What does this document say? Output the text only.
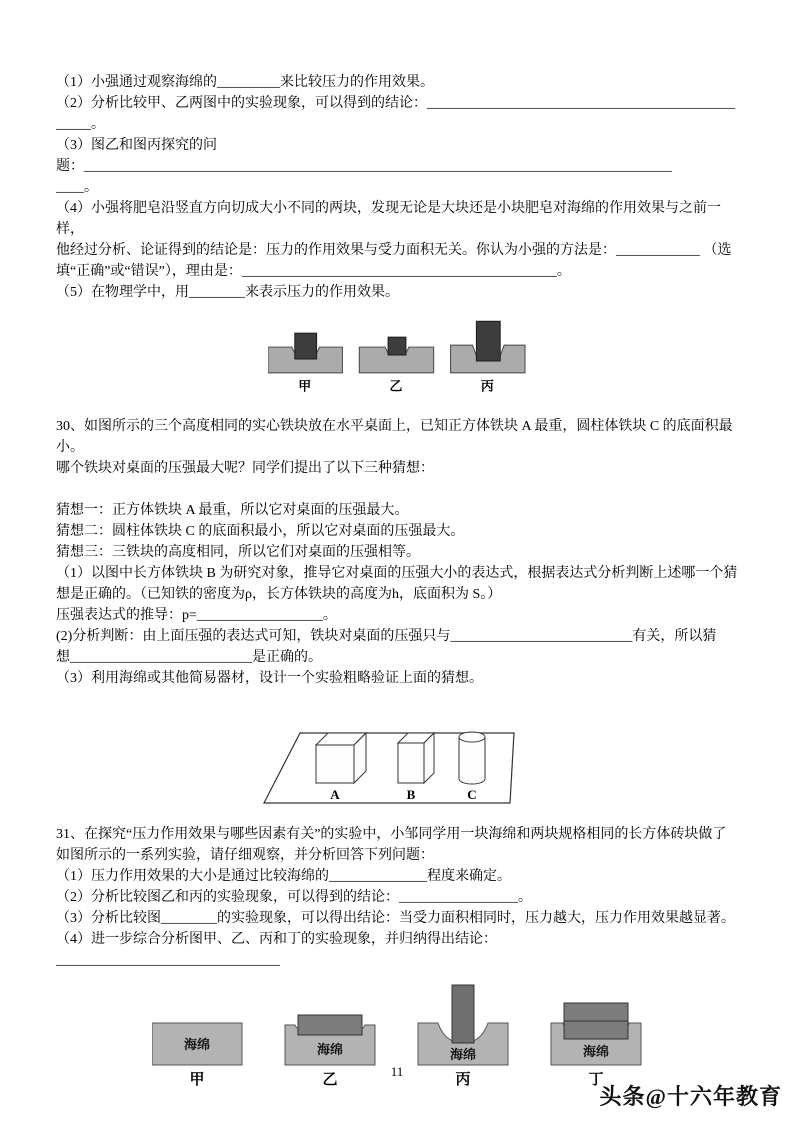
（1）小强通过观察海绵的_________来比较压力的作用效果。

（2）分析比较甲、乙两图中的实验现象，可以得到的结论：_________________________________________________。

（3）图乙和图丙探究的问

题：____________________________________________________________________________________

____。

（4）小强将肥皂沿竖直方向切成大小不同的两块，发现无论是大块还是小块肥皂对海绵的作用效果与之前一样，

他经过分析、论证得到的结论是：压力的作用效果与受力面积无关。你认为小强的方法是：____________ （选

填“正确”或“错误”），理由是：_____________________________________________。

（5）在物理学中，用________来表示压力的作用效果。

甲	乙	丙

30、如图所示的三个高度相同的实心铁块放在水平桌面上，已知正方体铁块 A 最重，圆柱体铁块 C 的底面积最小。

哪个铁块对桌面的压强最大呢？同学们提出了以下三种猜想：

猜想一：正方体铁块 A 最重，所以它对桌面的压强最大。

猜想二：圆柱体铁块 C 的底面积最小，所以它对桌面的压强最大。

猜想三：三铁块的高度相同，所以它们对桌面的压强相等。

（1）以图中长方体铁块 B 为研究对象，推导它对桌面的压强大小的表达式，根据表达式分析判断上述哪一个猜

想是正确的。（已知铁的密度为ρ，长方体铁块的高度为h，底面积为 S。）

压强表达式的推导：p=__________________。

(2)分析判断：由上面压强的表达式可知，铁块对桌面的压强只与__________________________有关，所以猜

想__________________________是正确的。

（3）利用海绵或其他简易器材，设计一个实验粗略验证上面的猜想。

A	B	C

31、在探究“压力作用效果与哪些因素有关”的实验中，小邹同学用一块海绵和两块规格相同的长方体砖块做了

如图所示的一系列实验，请仔细观察，并分析回答下列问题：

（1）压力作用效果的大小是通过比较海绵的______________程度来确定。

（2）分析比较图乙和丙的实验现象，可以得到的结论：_________________。

（3）分析比较图________的实验现象，可以得出结论：当受力面积相同时，压力越大，压力作用效果越显著。

（4）进一步综合分析图甲、乙、丙和丁的实验现象，并归纳得出结论：

________________________________

海绵
甲
海绵
乙
海绵
丙
海绵
丁
11
头条@十六年教育
